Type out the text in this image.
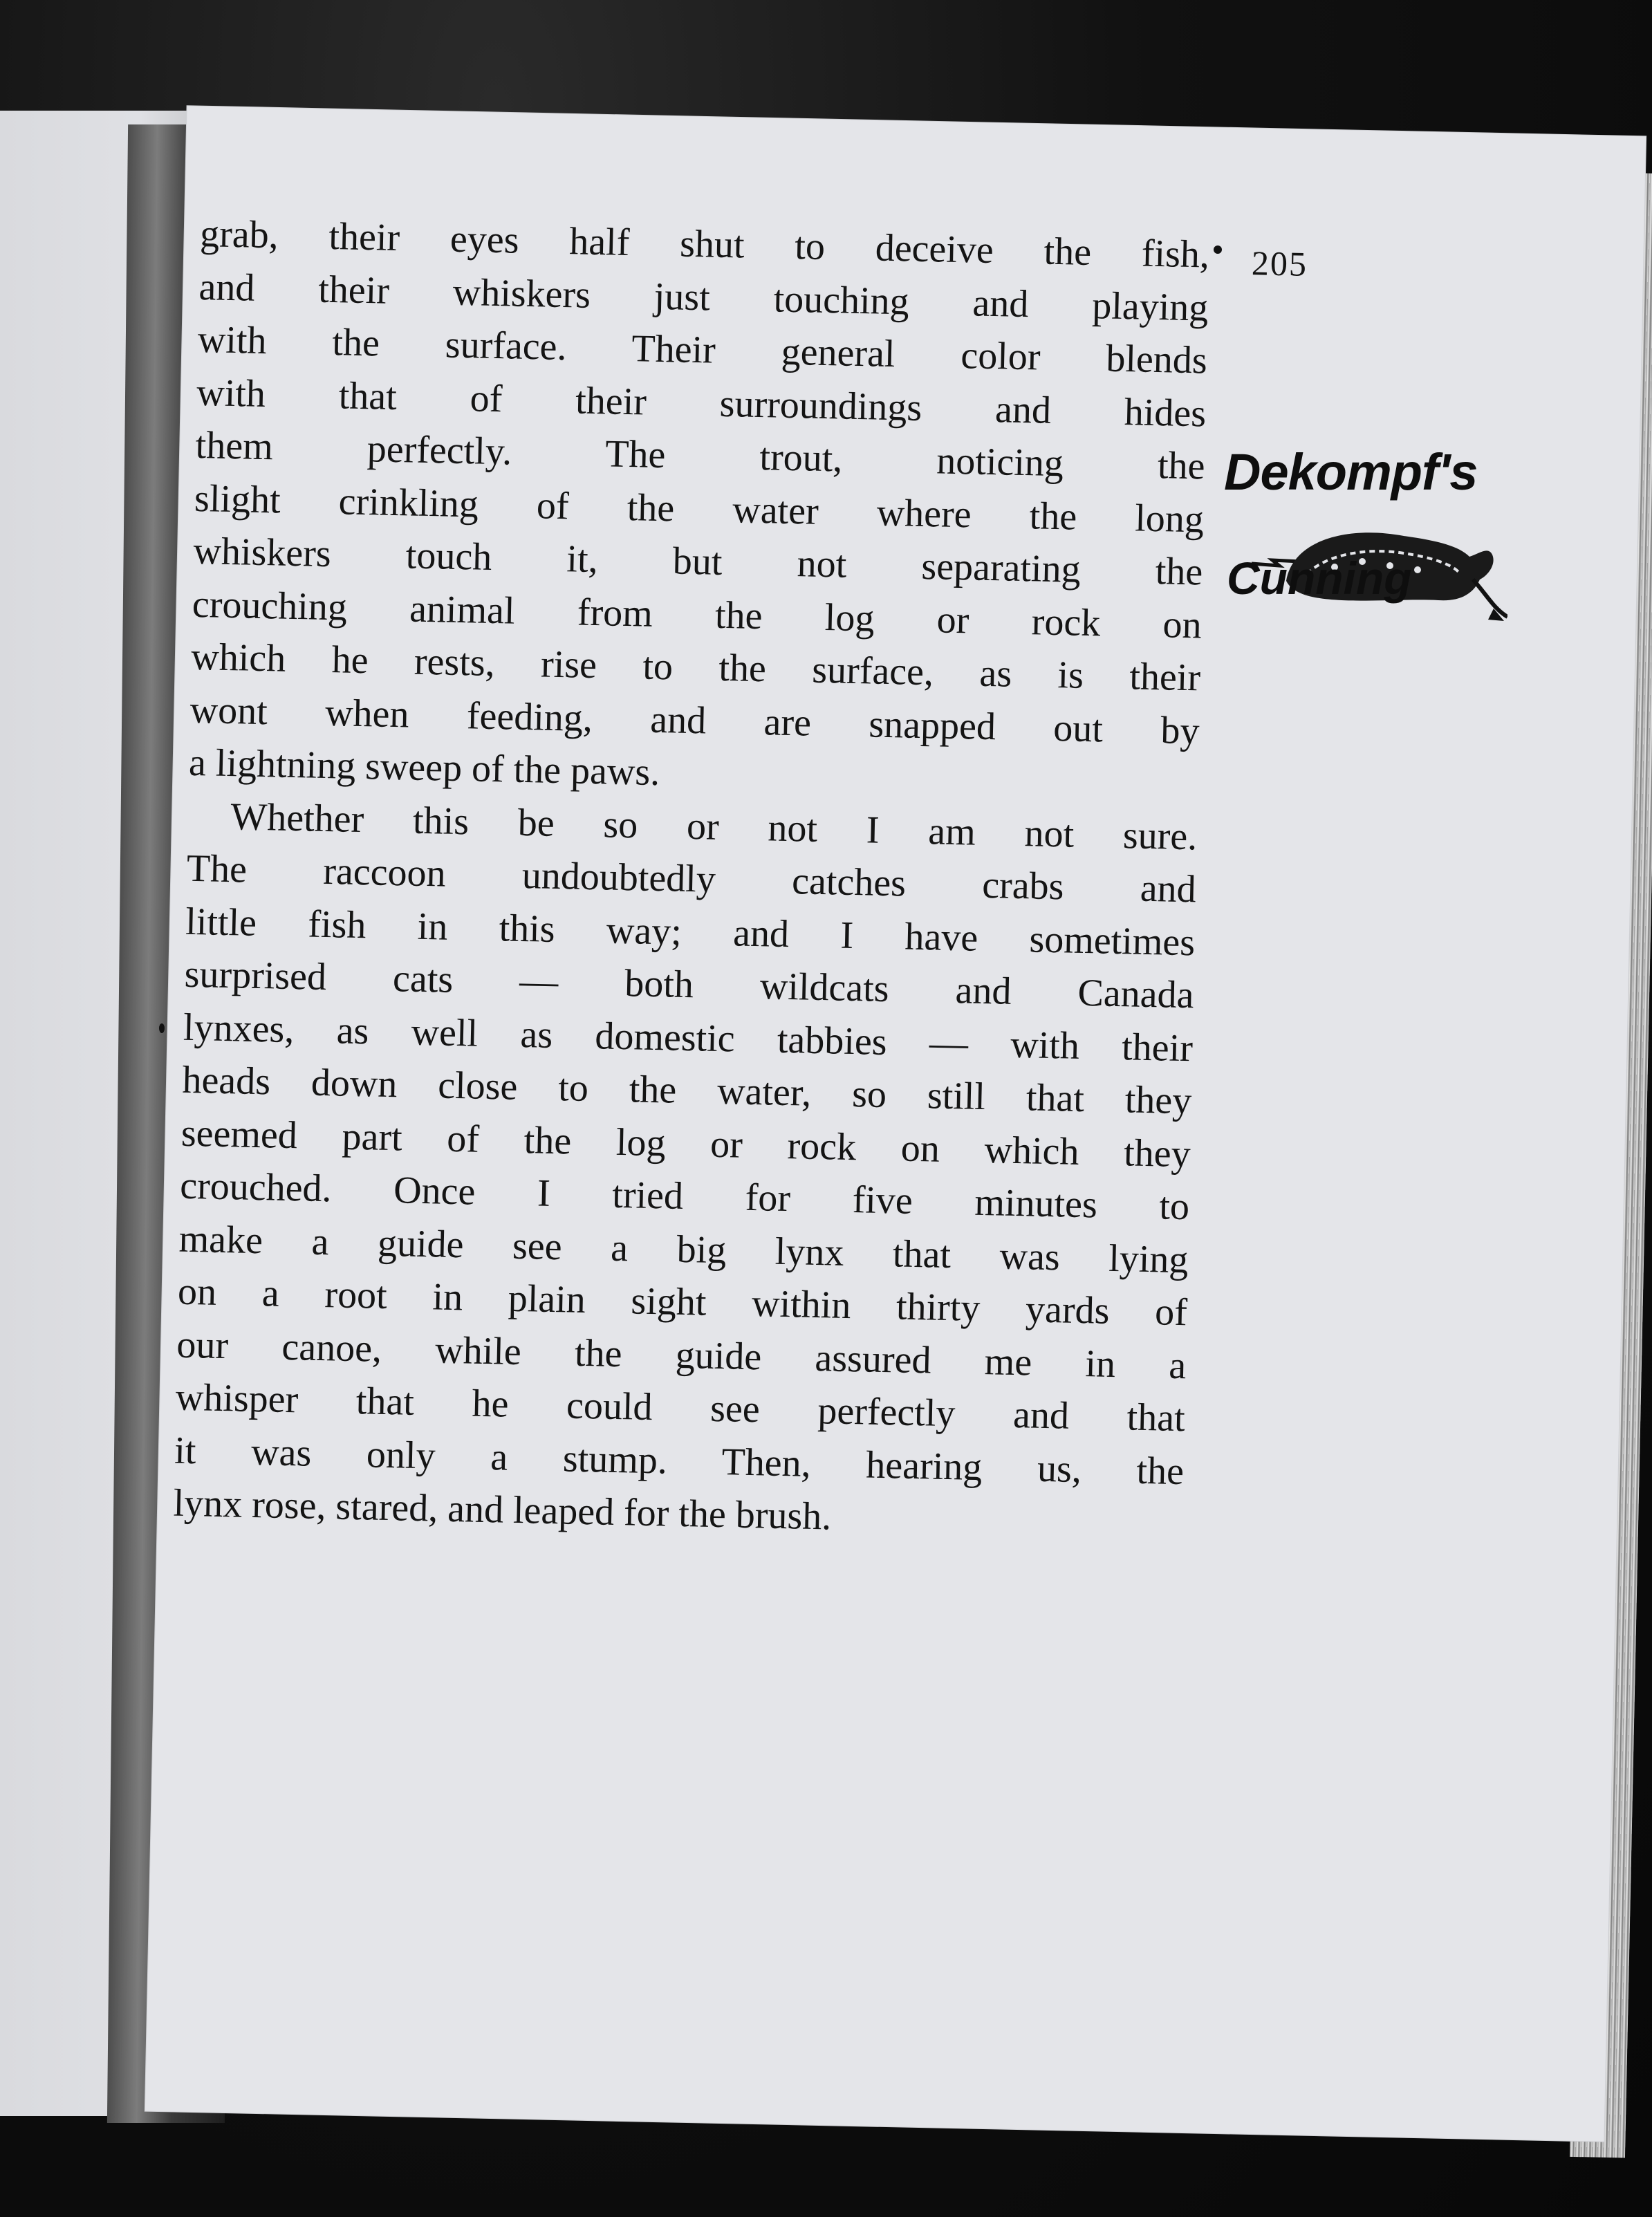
grab, their eyes half shut to deceive the fish,
and their whiskers just touching and playing
with the surface. Their general color blends
with that of their surroundings and hides
them perfectly. The trout, noticing the
slight crinkling of the water where the long
whiskers touch it, but not separating the
crouching animal from the log or rock on
which he rests, rise to the surface, as is their
wont when feeding, and are snapped out by
a lightning sweep of the paws.
Whether this be so or not I am not sure.
The raccoon undoubtedly catches crabs and
little fish in this way; and I have sometimes
surprised cats — both wildcats and Canada
lynxes, as well as domestic tabbies — with their
heads down close to the water, so still that they
seemed part of the log or rock on which they
crouched. Once I tried for five minutes to
make a guide see a big lynx that was lying
on a root in plain sight within thirty yards of
our canoe, while the guide assured me in a
whisper that he could see perfectly and that
it was only a stump. Then, hearing us, the
lynx rose, stared, and leaped for the brush.
205
Dekompf's
Cunning
